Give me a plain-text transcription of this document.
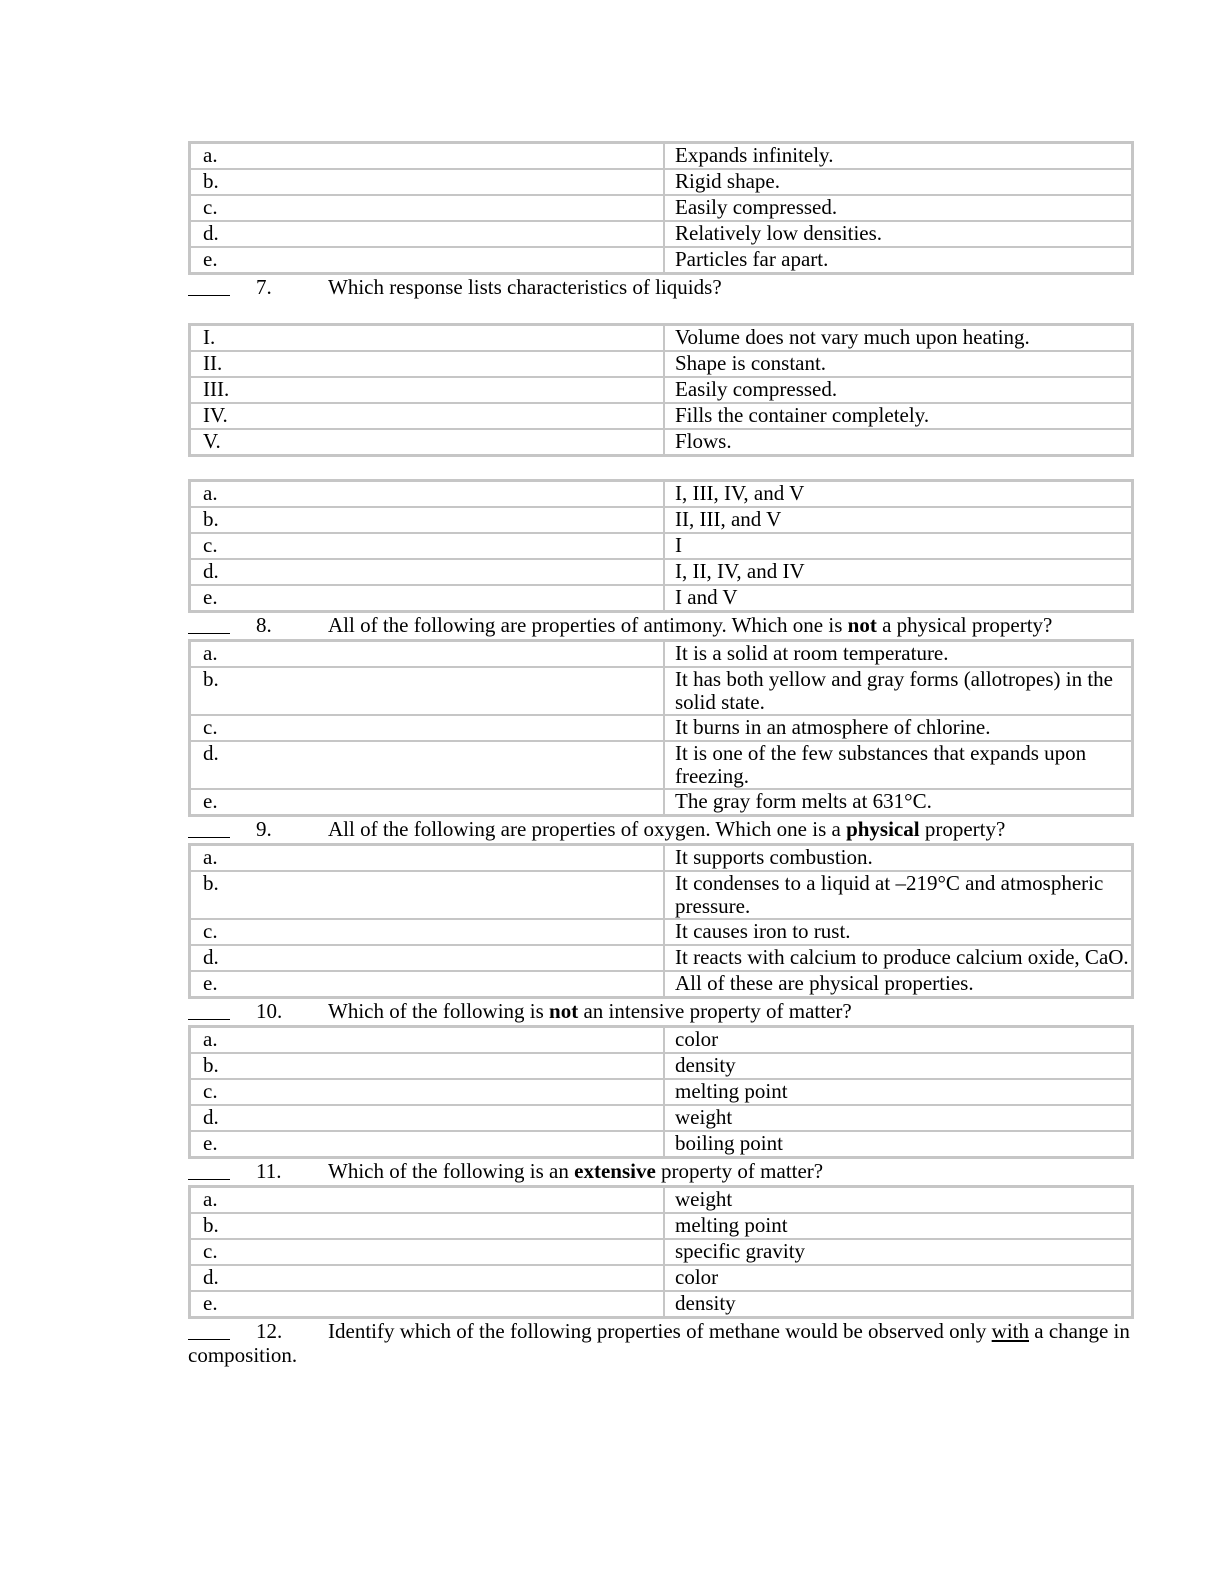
a.	Expands infinitely.
b.	Rigid shape.
c.	Easily compressed.
d.	Relatively low densities.
e.	Particles far apart.
7.	Which response lists characteristics of liquids?
I.	Volume does not vary much upon heating.
II.	Shape is constant.
III.	Easily compressed.
IV.	Fills the container completely.
V.	Flows.
a.	I, III, IV, and V
b.	II, III, and V
c.	I
d.	I, II, IV, and IV
e.	I and V
8.	All of the following are properties of antimony. Which one is not a physical property?
a.	It is a solid at room temperature.
b.	It has both yellow and gray forms (allotropes) in the solid state.
c.	It burns in an atmosphere of chlorine.
d.	It is one of the few substances that expands upon freezing.
e.	The gray form melts at 631°C.
9.	All of the following are properties of oxygen. Which one is a physical property?
a.	It supports combustion.
b.	It condenses to a liquid at –219°C and atmospheric pressure.
c.	It causes iron to rust.
d.	It reacts with calcium to produce calcium oxide, CaO.
e.	All of these are physical properties.
10. Which of the following is not an intensive property of matter?
a.	color
b.	density
c.	melting point
d.	weight
e.	boiling point
11. Which of the following is an extensive property of matter?
a.	weight
b.	melting point
c.	specific gravity
d.	color
e.	density
12.	Identify which of the following properties of methane would be observed only with a change in composition.
